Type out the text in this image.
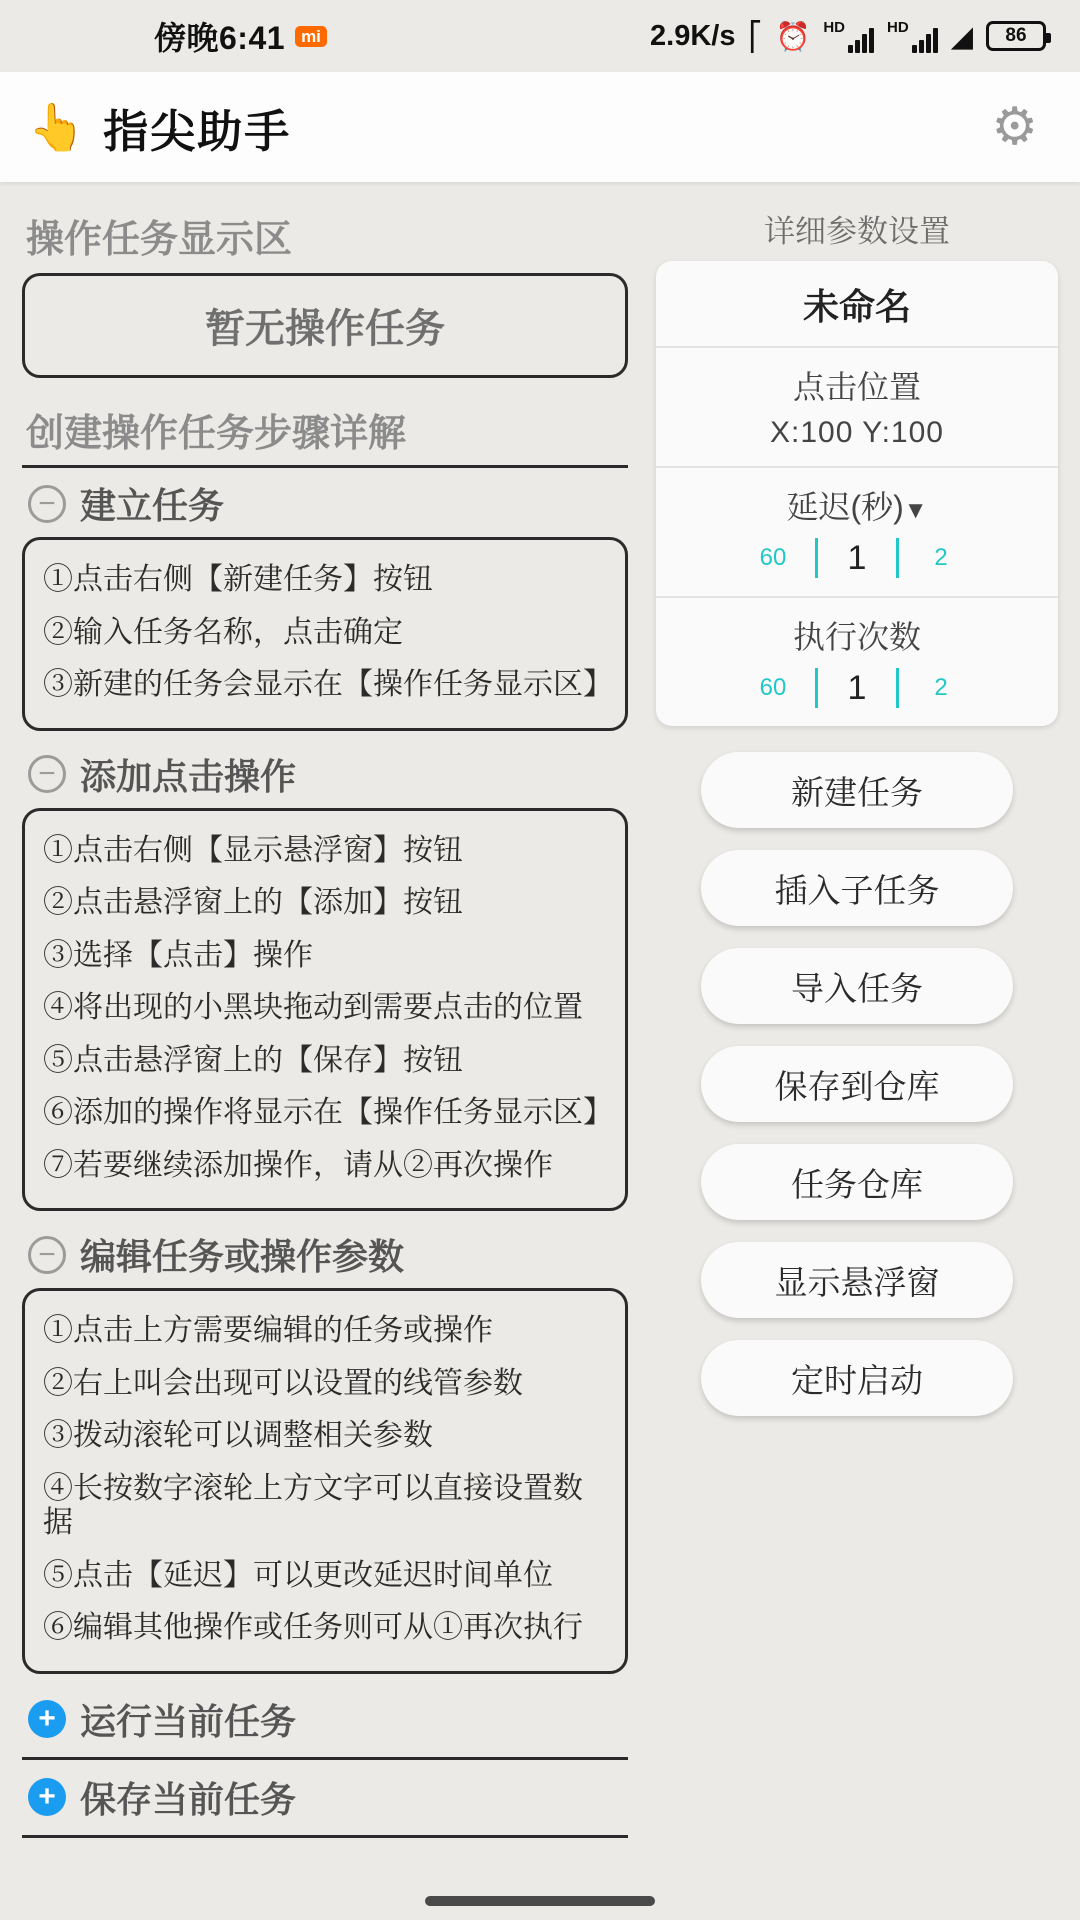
傍晚6:41 mi	2.9K/s ⎡ ⏰ HD	HD ◢ 86
👆 指尖助手	⚙
操作任务显示区
暂无操作任务
创建操作任务步骤详解
− 建立任务
①点击右侧【新建任务】按钮
②输入任务名称，点击确定
③新建的任务会显示在【操作任务显示区】
− 添加点击操作
①点击右侧【显示悬浮窗】按钮
②点击悬浮窗上的【添加】按钮
③选择【点击】操作
④将出现的小黑块拖动到需要点击的位置
⑤点击悬浮窗上的【保存】按钮
⑥添加的操作将显示在【操作任务显示区】
⑦若要继续添加操作，请从②再次操作
− 编辑任务或操作参数
①点击上方需要编辑的任务或操作
②右上叫会出现可以设置的线管参数
③拨动滚轮可以调整相关参数
④长按数字滚轮上方文字可以直接设置数据
⑤点击【延迟】可以更改延迟时间单位
⑥编辑其他操作或任务则可从①再次执行
+ 运行当前任务
+ 保存当前任务
详细参数设置
未命名
点击位置
X:100 Y:100
延迟(秒)▼
60	1	2
执行次数
60	1	2
新建任务
插入子任务
导入任务
保存到仓库
任务仓库
显示悬浮窗
定时启动
